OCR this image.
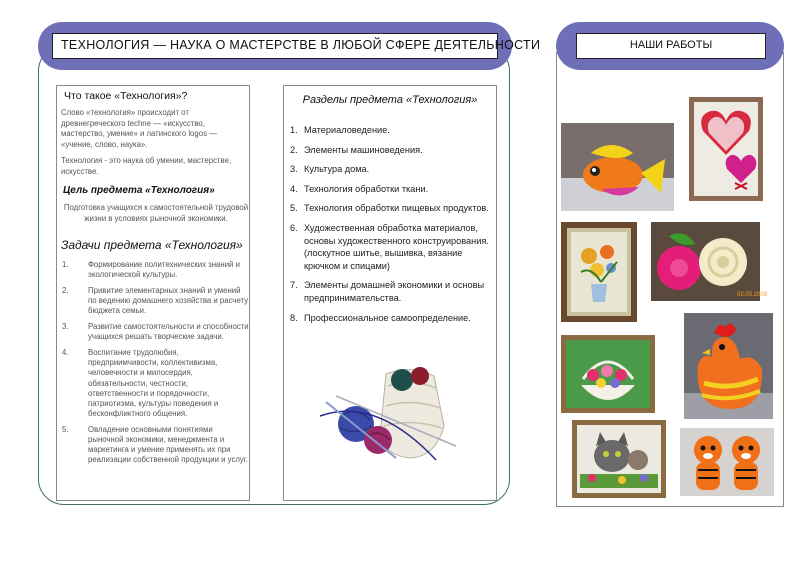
ТЕХНОЛОГИЯ — НАУКА О МАСТЕРСТВЕ В ЛЮБОЙ СФЕРЕ ДЕЯТЕЛЬНОСТИ
Что такое «Технология»?
Слово «технология» происходит от древнегреческого techne — «искусство, мастерство, умение» и латинского logos — «учение, слово, наука».
Технология - это наука об умении, мастерстве, искусстве.
Цель предмета «Технология»
Подготовка учащихся к самостоятельной трудовой жизни в условиях рыночной экономики.
Задачи предмета «Технология»
1. Формирование политехнических знаний и экологической культуры.
2. Привитие элементарных знаний и умений по ведению домашнего хозяйства и расчету бюджета семьи.
3. Развитие самостоятельности и способности учащихся решать творческие задачи.
4. Воспитание трудолюбия, предприимчивости, коллективизма, человечности и милосердия, обязательности, честности, ответственности и порядочности, патриотизма, культуры поведения и бесконфликтного общения.
5. Овладение основными понятиями рыночной экономики, менеджмента и маркетинга и умение применять их при реализации собственной продукции и услуг.
Разделы предмета «Технология»
1. Материаловедение.
2. Элементы машиноведения.
3. Культура дома.
4. Технология обработки ткани.
5. Технология обработки пищевых продуктов.
6. Художественная обработка материалов, основы художественного конструирования. (лоскутное шитье, вышивка, вязание крючком и спицами)
7. Элементы домашней экономики и основы предпринимательства.
8. Профессиональное самоопределение.
НАШИ РАБОТЫ
02.03.2009
